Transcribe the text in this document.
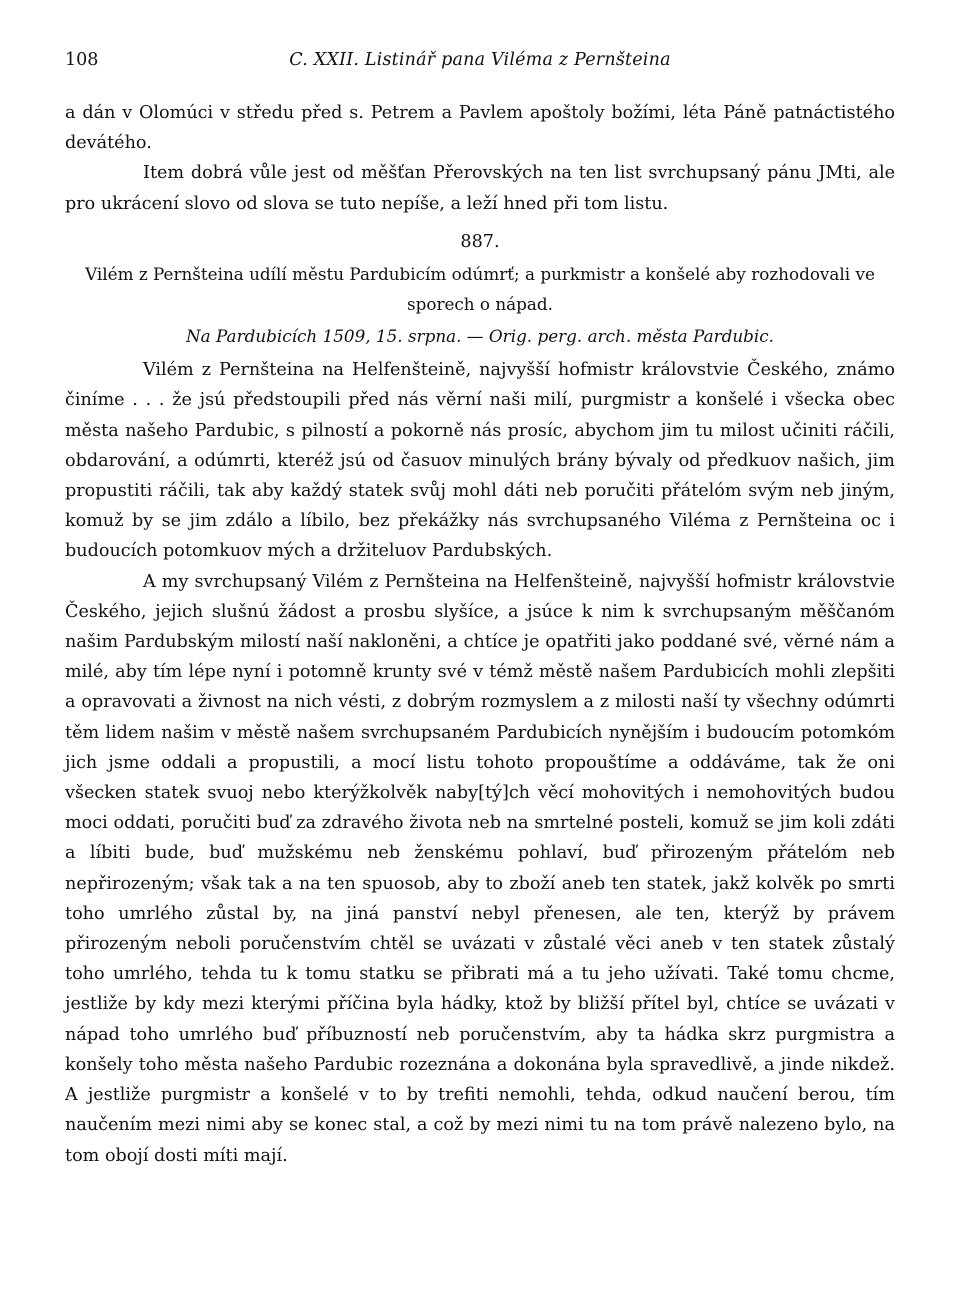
108	C. XXII. Listinář pana Viléma z Pernšteina

a dán v Olomúci v středu před s. Petrem a Pavlem apoštoly božími, léta Páně patnáctistého devátého.

Item dobrá vůle jest od měšťan Přerovských na ten list svrchupsaný pánu JMti, ale pro ukrácení slovo od slova se tuto nepíše, a leží hned při tom listu.

887.

Vilém z Pernšteina udílí městu Pardubicím odúmrť; a purkmistr a konšelé aby rozhodovali ve sporech o nápad.

Na Pardubicích 1509, 15. srpna. — Orig. perg. arch. města Pardubic.

Vilém z Pernšteina na Helfenšteině, najvyšší hofmistr královstvie Českého, známo činíme . . . že jsú předstoupili před nás věrní naši milí, purgmistr a konšelé i všecka obec města našeho Pardubic, s pilností a pokorně nás prosíc, abychom jim tu milost učiniti ráčili, obdarování, a odúmrti, kteréž jsú od časuov minulých brány bývaly od předkuov našich, jim propustiti ráčili, tak aby každý statek svůj mohl dáti neb poručiti přátelóm svým neb jiným, komuž by se jim zdálo a líbilo, bez překážky nás svrchupsaného Viléma z Pernšteina oc i budoucích potomkuov mých a držiteluov Pardubských.

A my svrchupsaný Vilém z Pernšteina na Helfenšteině, najvyšší hofmistr královstvie Českého, jejich slušnú žádost a prosbu slyšíce, a jsúce k nim k svrchupsaným měščanóm našim Pardubským milostí naší nakloněni, a chtíce je opatřiti jako poddané své, věrné nám a milé, aby tím lépe nyní i potomně krunty své v témž městě našem Pardubicích mohli zlepšiti a opravovati a živnost na nich vésti, z dobrým rozmyslem a z milosti naší ty všechny odúmrti těm lidem našim v městě našem svrchupsaném Pardubicích nynějším i budoucím potomkóm jich jsme oddali a propustili, a mocí listu tohoto propouštíme a oddáváme, tak že oni všecken statek svuoj nebo kterýžkolvěk naby[tý]ch věcí mohovitých i nemohovitých budou moci oddati, poručiti buď za zdravého života neb na smrtelné posteli, komuž se jim koli zdáti a líbiti bude, buď mužskému neb ženskému pohlaví, buď přirozeným přátelóm neb nepřirozeným; však tak a na ten spuosob, aby to zboží aneb ten statek, jakž kolvěk po smrti toho umrlého zůstal by, na jiná panství nebyl přenesen, ale ten, kterýž by právem přirozeným neboli poručenstvím chtěl se uvázati v zůstalé věci aneb v ten statek zůstalý toho umrlého, tehda tu k tomu statku se přibrati má a tu jeho užívati. Také tomu chcme, jestliže by kdy mezi kterými příčina byla hádky, ktož by bližší přítel byl, chtíce se uvázati v nápad toho umrlého buď příbuzností neb poručenstvím, aby ta hádka skrz purgmistra a konšely toho města našeho Pardubic rozeznána a dokonána byla spravedlivě, a jinde nikdež. A jestliže purgmistr a konšelé v to by trefiti nemohli, tehda, odkud naučení berou, tím naučením mezi nimi aby se konec stal, a což by mezi nimi tu na tom právě nalezeno bylo, na tom obojí dosti míti mají.
